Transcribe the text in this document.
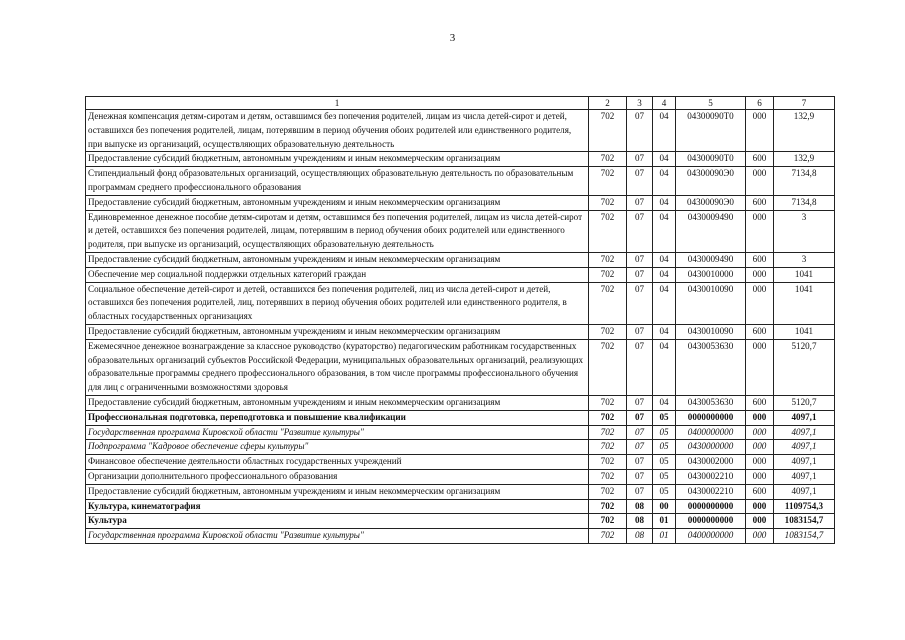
3
1	2	3	4	5	6	7
Денежная компенсация детям-сиротам и детям, оставшимся без попечения родителей, лицам из числа детей-сирот и детей, оставшихся без попечения родителей, лицам, потерявшим в период обучения обоих родителей или единственного родителя, при выпуске из организаций, осуществляющих образовательную деятельность	702	07	04	04300090Т0	000	132,9
Предоставление субсидий бюджетным, автономным учреждениям и иным некоммерческим организациям	702	07	04	04300090Т0	600	132,9
Стипендиальный фонд образовательных организаций, осуществляющих образовательную деятельность по образовательным программам среднего профессионального образования	702	07	04	04300090Э0	000	7134,8
Предоставление субсидий бюджетным, автономным учреждениям и иным некоммерческим организациям	702	07	04	04300090Э0	600	7134,8
Единовременное денежное пособие детям-сиротам и детям, оставшимся без попечения родителей, лицам из числа детей-сирот и детей, оставшихся без попечения родителей, лицам, потерявшим в период обучения обоих родителей или единственного родителя, при выпуске из организаций, осуществляющих образовательную деятельность	702	07	04	0430009490	000	3
Предоставление субсидий бюджетным, автономным учреждениям и иным некоммерческим организациям	702	07	04	0430009490	600	3
Обеспечение мер социальной поддержки отдельных категорий граждан	702	07	04	0430010000	000	1041
Социальное обеспечение детей-сирот и детей, оставшихся без попечения родителей, лиц из числа детей-сирот и детей, оставшихся без попечения родителей, лиц, потерявших в период обучения обоих родителей или единственного родителя, в областных государственных организациях	702	07	04	0430010090	000	1041
Предоставление субсидий бюджетным, автономным учреждениям и иным некоммерческим организациям	702	07	04	0430010090	600	1041
Ежемесячное денежное вознаграждение за классное руководство (кураторство) педагогическим работникам государственных образовательных организаций субъектов Российской Федерации, муниципальных образовательных организаций, реализующих образовательные программы среднего профессионального образования, в том числе программы профессионального обучения для лиц с ограниченными возможностями здоровья	702	07	04	0430053630	000	5120,7
Предоставление субсидий бюджетным, автономным учреждениям и иным некоммерческим организациям	702	07	04	0430053630	600	5120,7
Профессиональная подготовка, переподготовка и повышение квалификации	702	07	05	0000000000	000	4097,1
Государственная программа Кировской области "Развитие культуры"	702	07	05	0400000000	000	4097,1
Подпрограмма "Кадровое обеспечение сферы культуры"	702	07	05	0430000000	000	4097,1
Финансовое обеспечение деятельности областных государственных учреждений	702	07	05	0430002000	000	4097,1
Организации дополнительного профессионального образования	702	07	05	0430002210	000	4097,1
Предоставление субсидий бюджетным, автономным учреждениям и иным некоммерческим организациям	702	07	05	0430002210	600	4097,1
Культура, кинематография	702	08	00	0000000000	000	1109754,3
Культура	702	08	01	0000000000	000	1083154,7
Государственная программа Кировской области "Развитие культуры"	702	08	01	0400000000	000	1083154,7
